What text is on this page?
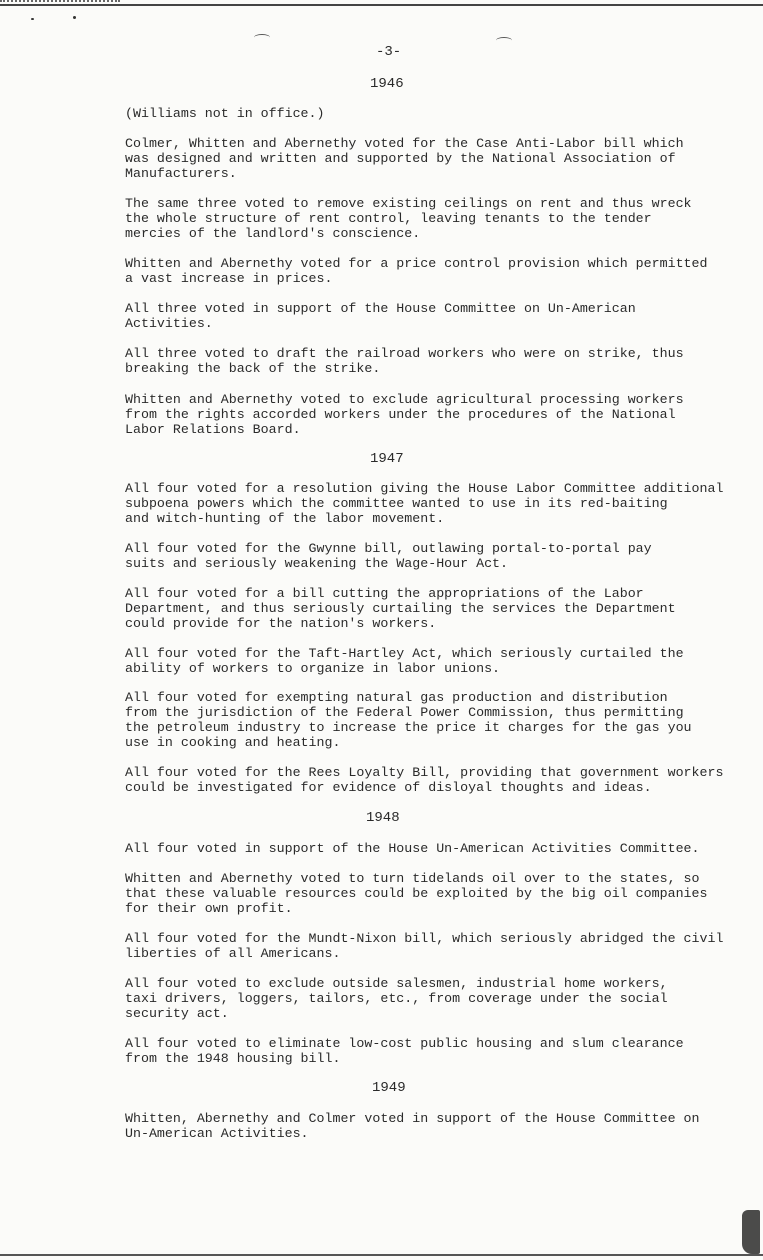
-3-
1946
(Williams not in office.)
Colmer, Whitten and Abernethy voted for the Case Anti-Labor bill which
was designed and written and supported by the National Association of
Manufacturers.
The same three voted to remove existing ceilings on rent and thus wreck
the whole structure of rent control, leaving tenants to the tender
mercies of the landlord's conscience.
Whitten and Abernethy voted for a price control provision which permitted
a vast increase in prices.
All three voted in support of the House Committee on Un-American
Activities.
All three voted to draft the railroad workers who were on strike, thus
breaking the back of the strike.
Whitten and Abernethy voted to exclude agricultural processing workers
from the rights accorded workers under the procedures of the National
Labor Relations Board.
1947
All four voted for a resolution giving the House Labor Committee additional
subpoena powers which the committee wanted to use in its red-baiting
and witch-hunting of the labor movement.
All four voted for the Gwynne bill, outlawing portal-to-portal pay
suits and seriously weakening the Wage-Hour Act.
All four voted for a bill cutting the appropriations of the Labor
Department, and thus seriously curtailing the services the Department
could provide for the nation's workers.
All four voted for the Taft-Hartley Act, which seriously curtailed the
ability of workers to organize in labor unions.
All four voted for exempting natural gas production and distribution
from the jurisdiction of the Federal Power Commission, thus permitting
the petroleum industry to increase the price it charges for the gas you
use in cooking and heating.
All four voted for the Rees Loyalty Bill, providing that government workers
could be investigated for evidence of disloyal thoughts and ideas.
1948
All four voted in support of the House Un-American Activities Committee.
Whitten and Abernethy voted to turn tidelands oil over to the states, so
that these valuable resources could be exploited by the big oil companies
for their own profit.
All four voted for the Mundt-Nixon bill, which seriously abridged the civil
liberties of all Americans.
All four voted to exclude outside salesmen, industrial home workers,
taxi drivers, loggers, tailors, etc., from coverage under the social
security act.
All four voted to eliminate low-cost public housing and slum clearance
from the 1948 housing bill.
1949
Whitten, Abernethy and Colmer voted in support of the House Committee on
Un-American Activities.
